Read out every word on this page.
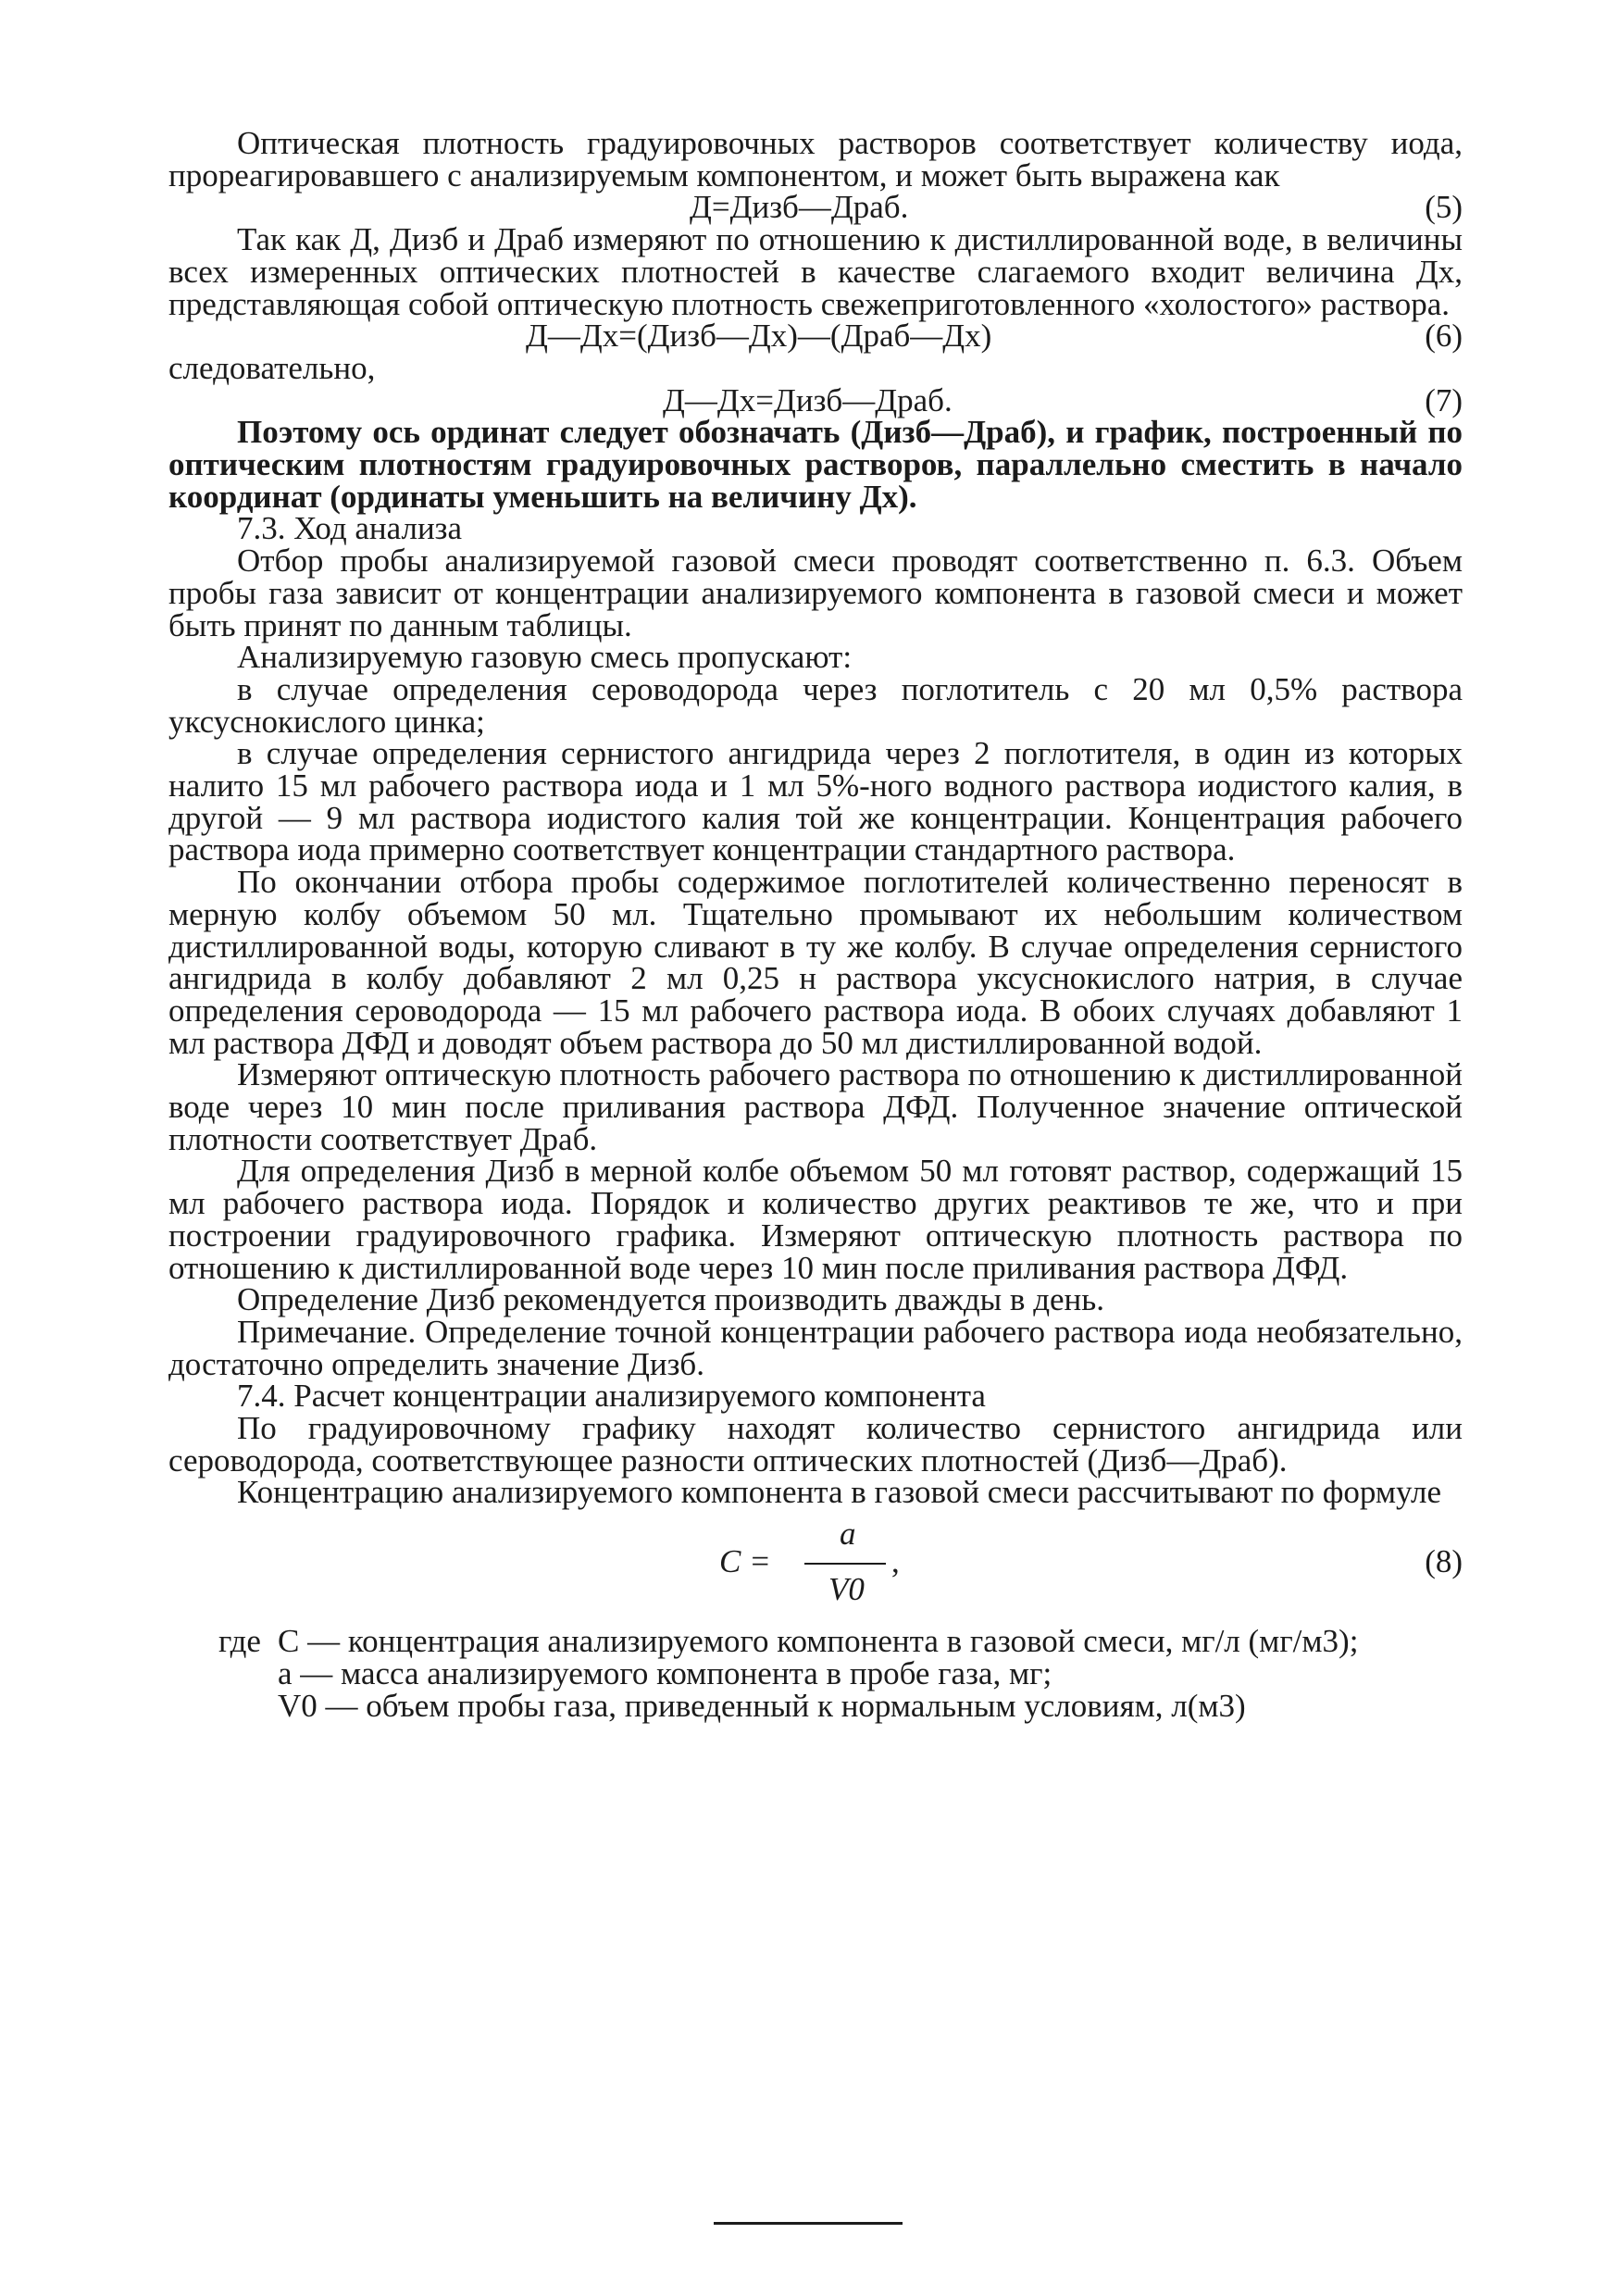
Оптическая плотность градуировочных растворов соответствует количеству иода, прореагировавшего с анализируемым компонентом, и может быть выражена как

Д=Дизб—Драб.	(5)

Так как Д, Дизб и Драб измеряют по отношению к дистиллированной воде, в величины всех измеренных оптических плотностей в качестве слагаемого входит величина Дх, представляющая собой оптическую плотность свежеприготовленного «холостого» раствора.

Д—Дх=(Дизб—Дх)—(Драб—Дх)	(6)

следовательно,

Д—Дх=Дизб—Драб.	(7)

Поэтому ось ординат следует обозначать (Дизб—Драб), и график, построенный по оптическим плотностям градуировочных растворов, параллельно сместить в начало координат (ординаты уменьшить на величину Дх).

7.3. Ход анализа

Отбор пробы анализируемой газовой смеси проводят соответственно п. 6.3. Объем пробы газа зависит от концентрации анализируемого компонента в газовой смеси и может быть принят по данным таблицы.

Анализируемую газовую смесь пропускают:

в случае определения сероводорода через поглотитель с 20 мл 0,5% раствора уксуснокислого цинка;

в случае определения сернистого ангидрида через 2 поглотителя, в один из которых налито 15 мл рабочего раствора иода и 1 мл 5%-ного водного раствора иодистого калия, в другой — 9 мл раствора иодистого калия той же концентрации. Концентрация рабочего раствора иода примерно соответствует концентрации стандартного раствора.

По окончании отбора пробы содержимое поглотителей количественно переносят в мерную колбу объемом 50 мл. Тщательно промывают их небольшим количеством дистиллированной воды, которую сливают в ту же колбу. В случае определения сернистого ангидрида в колбу добавляют 2 мл 0,25 н раствора уксуснокислого натрия, в случае определения сероводорода — 15 мл рабочего раствора иода. В обоих случаях добавляют 1 мл раствора ДФД и доводят объем раствора до 50 мл дистиллированной водой.

Измеряют оптическую плотность рабочего раствора по отношению к дистиллированной воде через 10 мин после приливания раствора ДФД. Полученное значение оптической плотности соответствует Драб.

Для определения Дизб в мерной колбе объемом 50 мл готовят раствор, содержащий 15 мл рабочего раствора иода. Порядок и количество других реактивов те же, что и при построении градуировочного графика. Измеряют оптическую плотность раствора по отношению к дистиллированной воде через 10 мин после приливания раствора ДФД.

Определение Дизб рекомендуется производить дважды в день.

Примечание. Определение точной концентрации рабочего раствора иода необязательно, достаточно определить значение Дизб.

7.4. Расчет концентрации анализируемого компонента

По градуировочному графику находят количество сернистого ангидрида или сероводорода, соответствующее разности оптических плотностей (Дизб—Драб).

Концентрацию анализируемого компонента в газовой смеси рассчитывают по формуле

C =
a
V0
,	(8)
где C — концентрация анализируемого компонента в газовой смеси, мг/л (мг/м3);
a — масса анализируемого компонента в пробе газа, мг;
V0 — объем пробы газа, приведенный к нормальным условиям, л(м3)
